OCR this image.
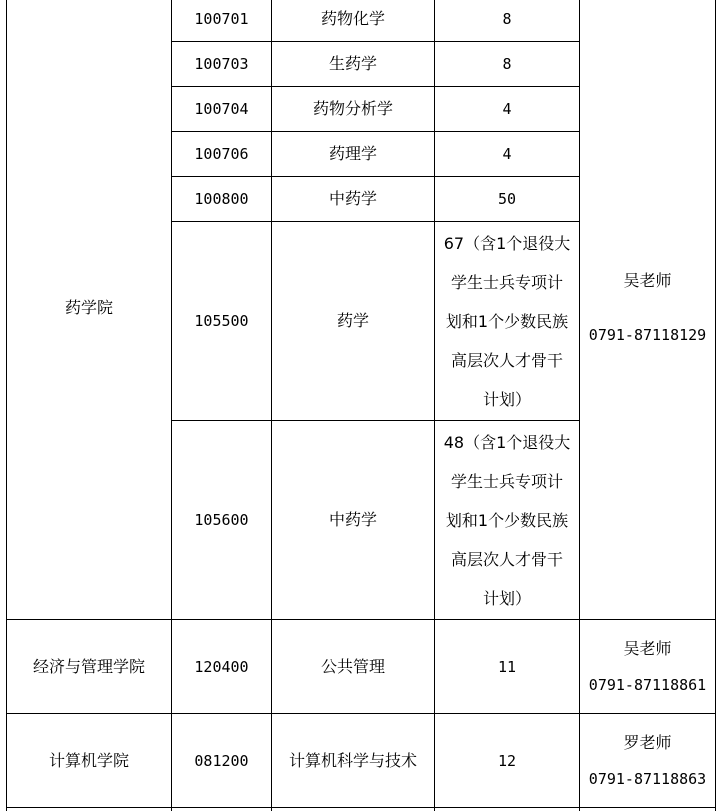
药学院	100701	药物化学	8	吴老师
0791-87118129

	100703	生药学	8	
	100704	药物分析学	4	
	100706	药理学	4	
	100800	中药学	50	
	105500	药学	67（含1个退役大
学生士兵专项计
划和1个少数民族
高层次人才骨干
计划）	

	105600	中药学	48（含1个退役大
学生士兵专项计
划和1个少数民族
高层次人才骨干
计划）	

经济与管理学院	120400	公共管理	11	吴老师
0791-87118861

计算机学院	081200	计算机科学与技术	12	罗老师
0791-87118863
